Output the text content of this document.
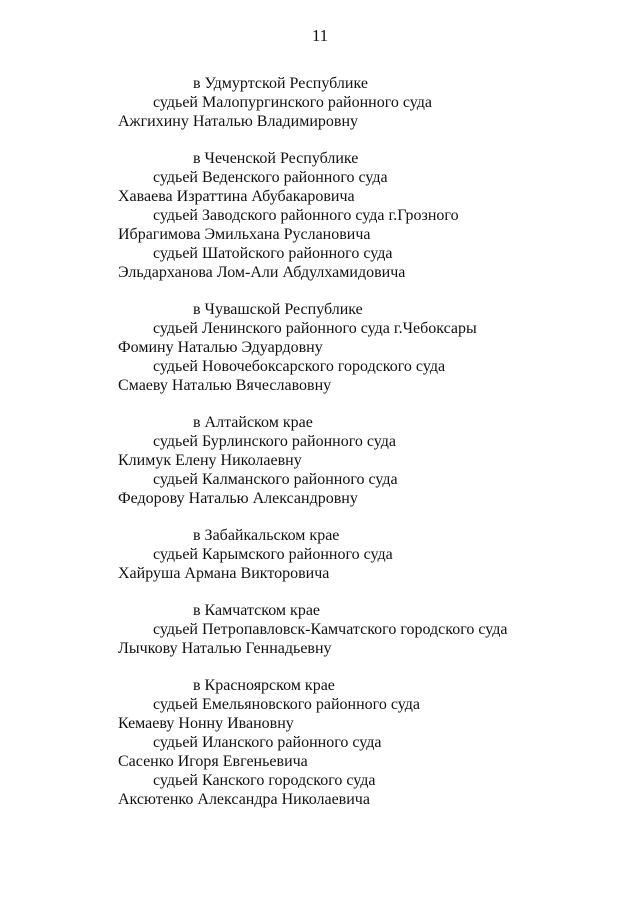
11
в Удмуртской Республике
судьей Малопургинского районного суда
Ажгихину Наталью Владимировну
в Чеченской Республике
судьей Веденского районного суда
Хаваева Израттина Абубакаровича
судьей Заводского районного суда г.Грозного
Ибрагимова Эмильхана Руслановича
судьей Шатойского районного суда
Эльдарханова Лом-Али Абдулхамидовича
в Чувашской Республике
судьей Ленинского районного суда г.Чебоксары
Фомину Наталью Эдуардовну
судьей Новочебоксарского городского суда
Смаеву Наталью Вячеславовну
в Алтайском крае
судьей Бурлинского районного суда
Климук Елену Николаевну
судьей Калманского районного суда
Федорову Наталью Александровну
в Забайкальском крае
судьей Карымского районного суда
Хайруша Армана Викторовича
в Камчатском крае
судьей Петропавловск-Камчатского городского суда
Лычкову Наталью Геннадьевну
в Красноярском крае
судьей Емельяновского районного суда
Кемаеву Нонну Ивановну
судьей Иланского районного суда
Сасенко Игоря Евгеньевича
судьей Канского городского суда
Аксютенко Александра Николаевича
